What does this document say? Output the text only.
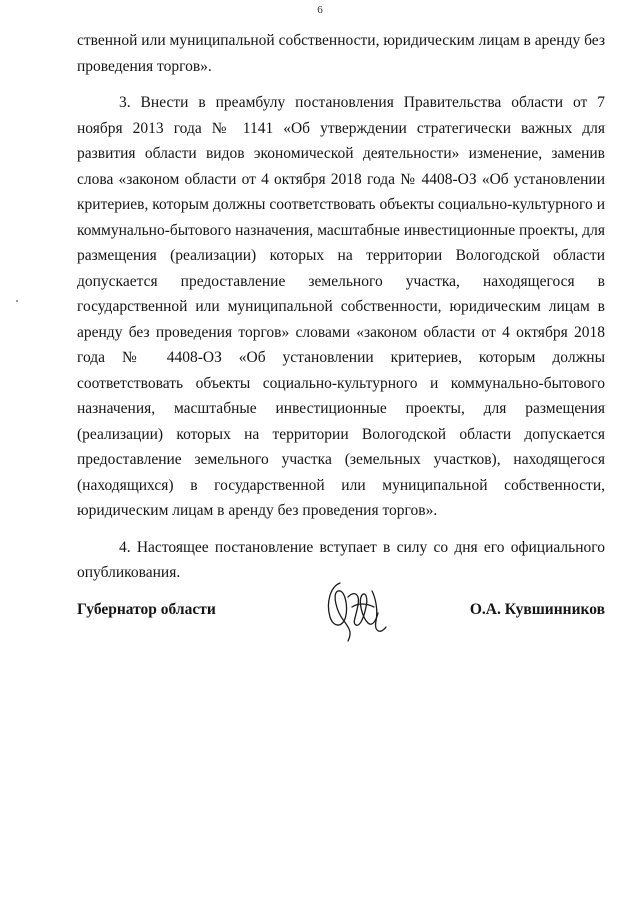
6

ственной или муниципальной собственности, юридическим лицам в аренду без проведения торгов».

3. Внести в преамбулу постановления Правительства области от 7 ноября 2013 года № 1141 «Об утверждении стратегически важных для развития области видов экономической деятельности» изменение, заменив слова «законом области от 4 октября 2018 года № 4408-ОЗ «Об установлении критериев, которым должны соответствовать объекты социально-культурного и коммунально-бытового назначения, масштабные инвестиционные проекты, для размещения (реализации) которых на территории Вологодской области допускается предоставление земельного участка, находящегося в государственной или муниципальной собственности, юридическим лицам в аренду без проведения торгов» словами «законом области от 4 октября 2018 года № 4408-ОЗ «Об установлении критериев, которым должны соответствовать объекты социально-культурного и коммунально-бытового назначения, масштабные инвестиционные проекты, для размещения (реализации) которых на территории Вологодской области допускается предоставление земельного участка (земельных участков), находящегося (находящихся) в государственной или муниципальной собственности, юридическим лицам в аренду без проведения торгов».

4. Настоящее постановление вступает в силу со дня его официального опубликования.

Губернатор области	О.А. Кувшинников
